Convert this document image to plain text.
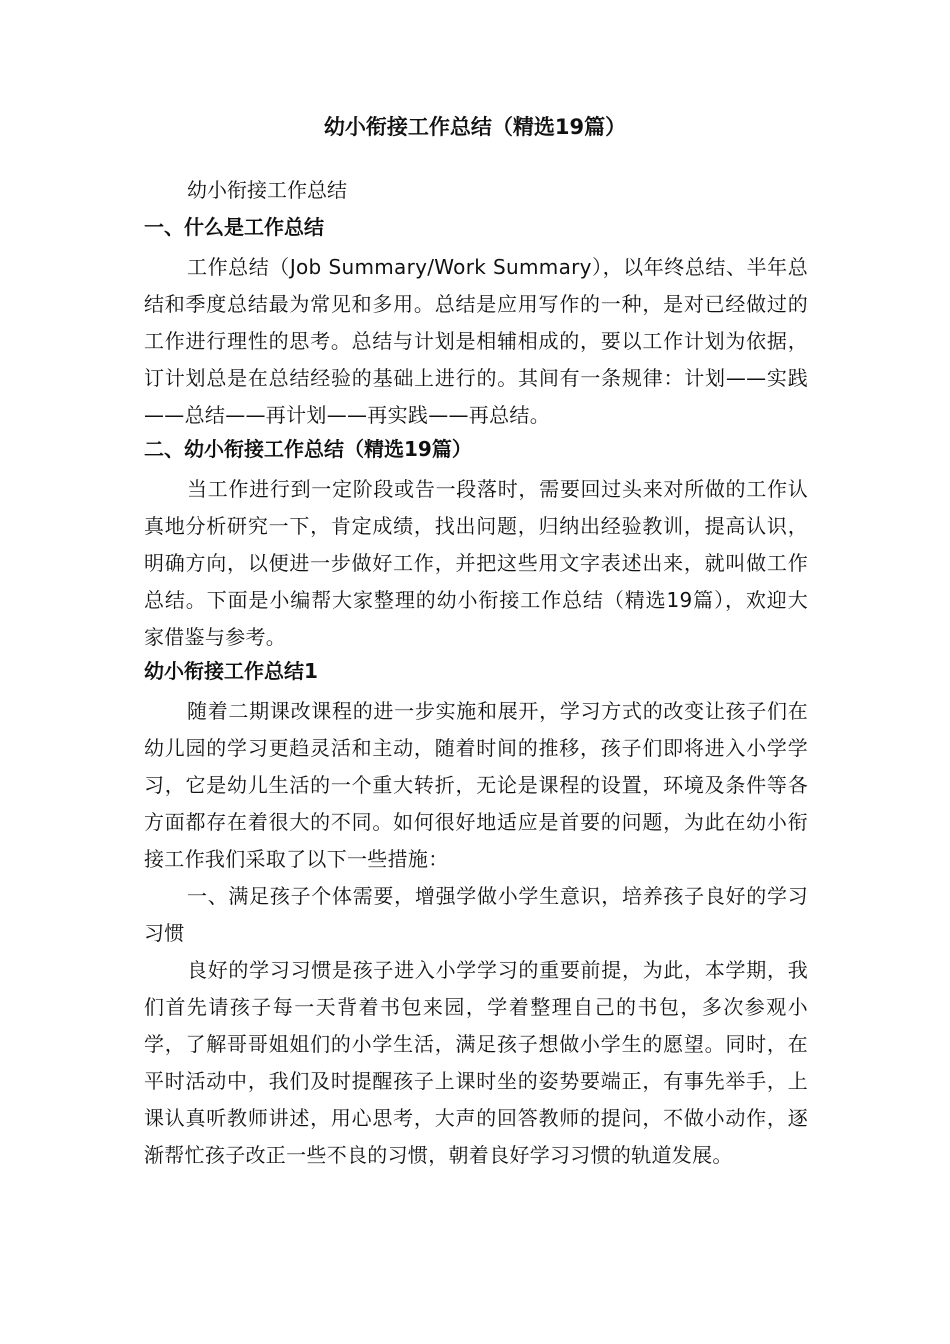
幼小衔接工作总结（精选19篇）

幼小衔接工作总结

一、什么是工作总结

工作总结（Job Summary/Work Summary），以年终总结、半年总结和季度总结最为常见和多用。总结是应用写作的一种，是对已经做过的工作进行理性的思考。总结与计划是相辅相成的，要以工作计划为依据，订计划总是在总结经验的基础上进行的。其间有一条规律：计划——实践——总结——再计划——再实践——再总结。

二、幼小衔接工作总结（精选19篇）

当工作进行到一定阶段或告一段落时，需要回过头来对所做的工作认真地分析研究一下，肯定成绩，找出问题，归纳出经验教训，提高认识，明确方向，以便进一步做好工作，并把这些用文字表述出来，就叫做工作总结。下面是小编帮大家整理的幼小衔接工作总结（精选19篇），欢迎大家借鉴与参考。

幼小衔接工作总结1

随着二期课改课程的进一步实施和展开，学习方式的改变让孩子们在幼儿园的学习更趋灵活和主动，随着时间的推移，孩子们即将进入小学学习，它是幼儿生活的一个重大转折，无论是课程的设置，环境及条件等各方面都存在着很大的不同。如何很好地适应是首要的问题，为此在幼小衔接工作我们采取了以下一些措施：

一、满足孩子个体需要，增强学做小学生意识，培养孩子良好的学习习惯

良好的学习习惯是孩子进入小学学习的重要前提，为此，本学期，我们首先请孩子每一天背着书包来园，学着整理自己的书包，多次参观小学，了解哥哥姐姐们的小学生活，满足孩子想做小学生的愿望。同时，在平时活动中，我们及时提醒孩子上课时坐的姿势要端正，有事先举手，上课认真听教师讲述，用心思考，大声的回答教师的提问，不做小动作，逐渐帮忙孩子改正一些不良的习惯，朝着良好学习习惯的轨道发展。
